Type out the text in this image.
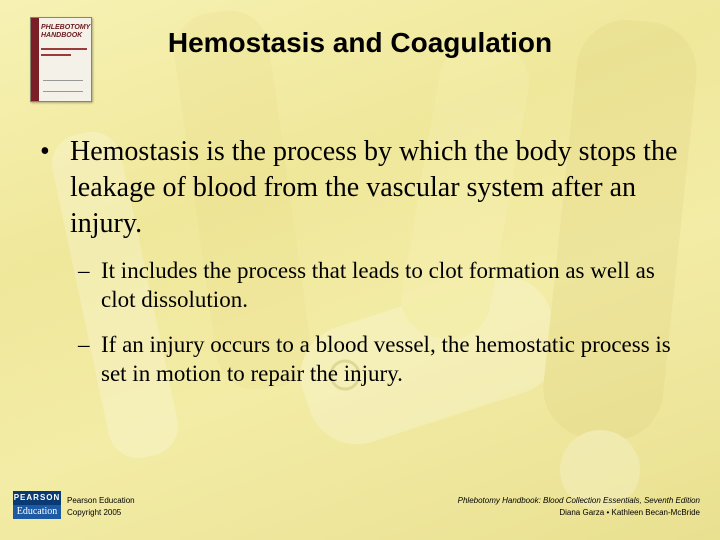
PHLEBOTOMY HANDBOOK	Hemostasis and Coagulation
• Hemostasis is the process by which the body stops the leakage of blood from the vascular system after an injury.
– It includes the process that leads to clot formation as well as clot dissolution.
– If an injury occurs to a blood vessel, the hemostatic process is set in motion to repair the injury.
PEARSON
Education
Pearson Education
Copyright 2005
Phlebotomy Handbook: Blood Collection Essentials, Seventh Edition
Diana Garza • Kathleen Becan-McBride
